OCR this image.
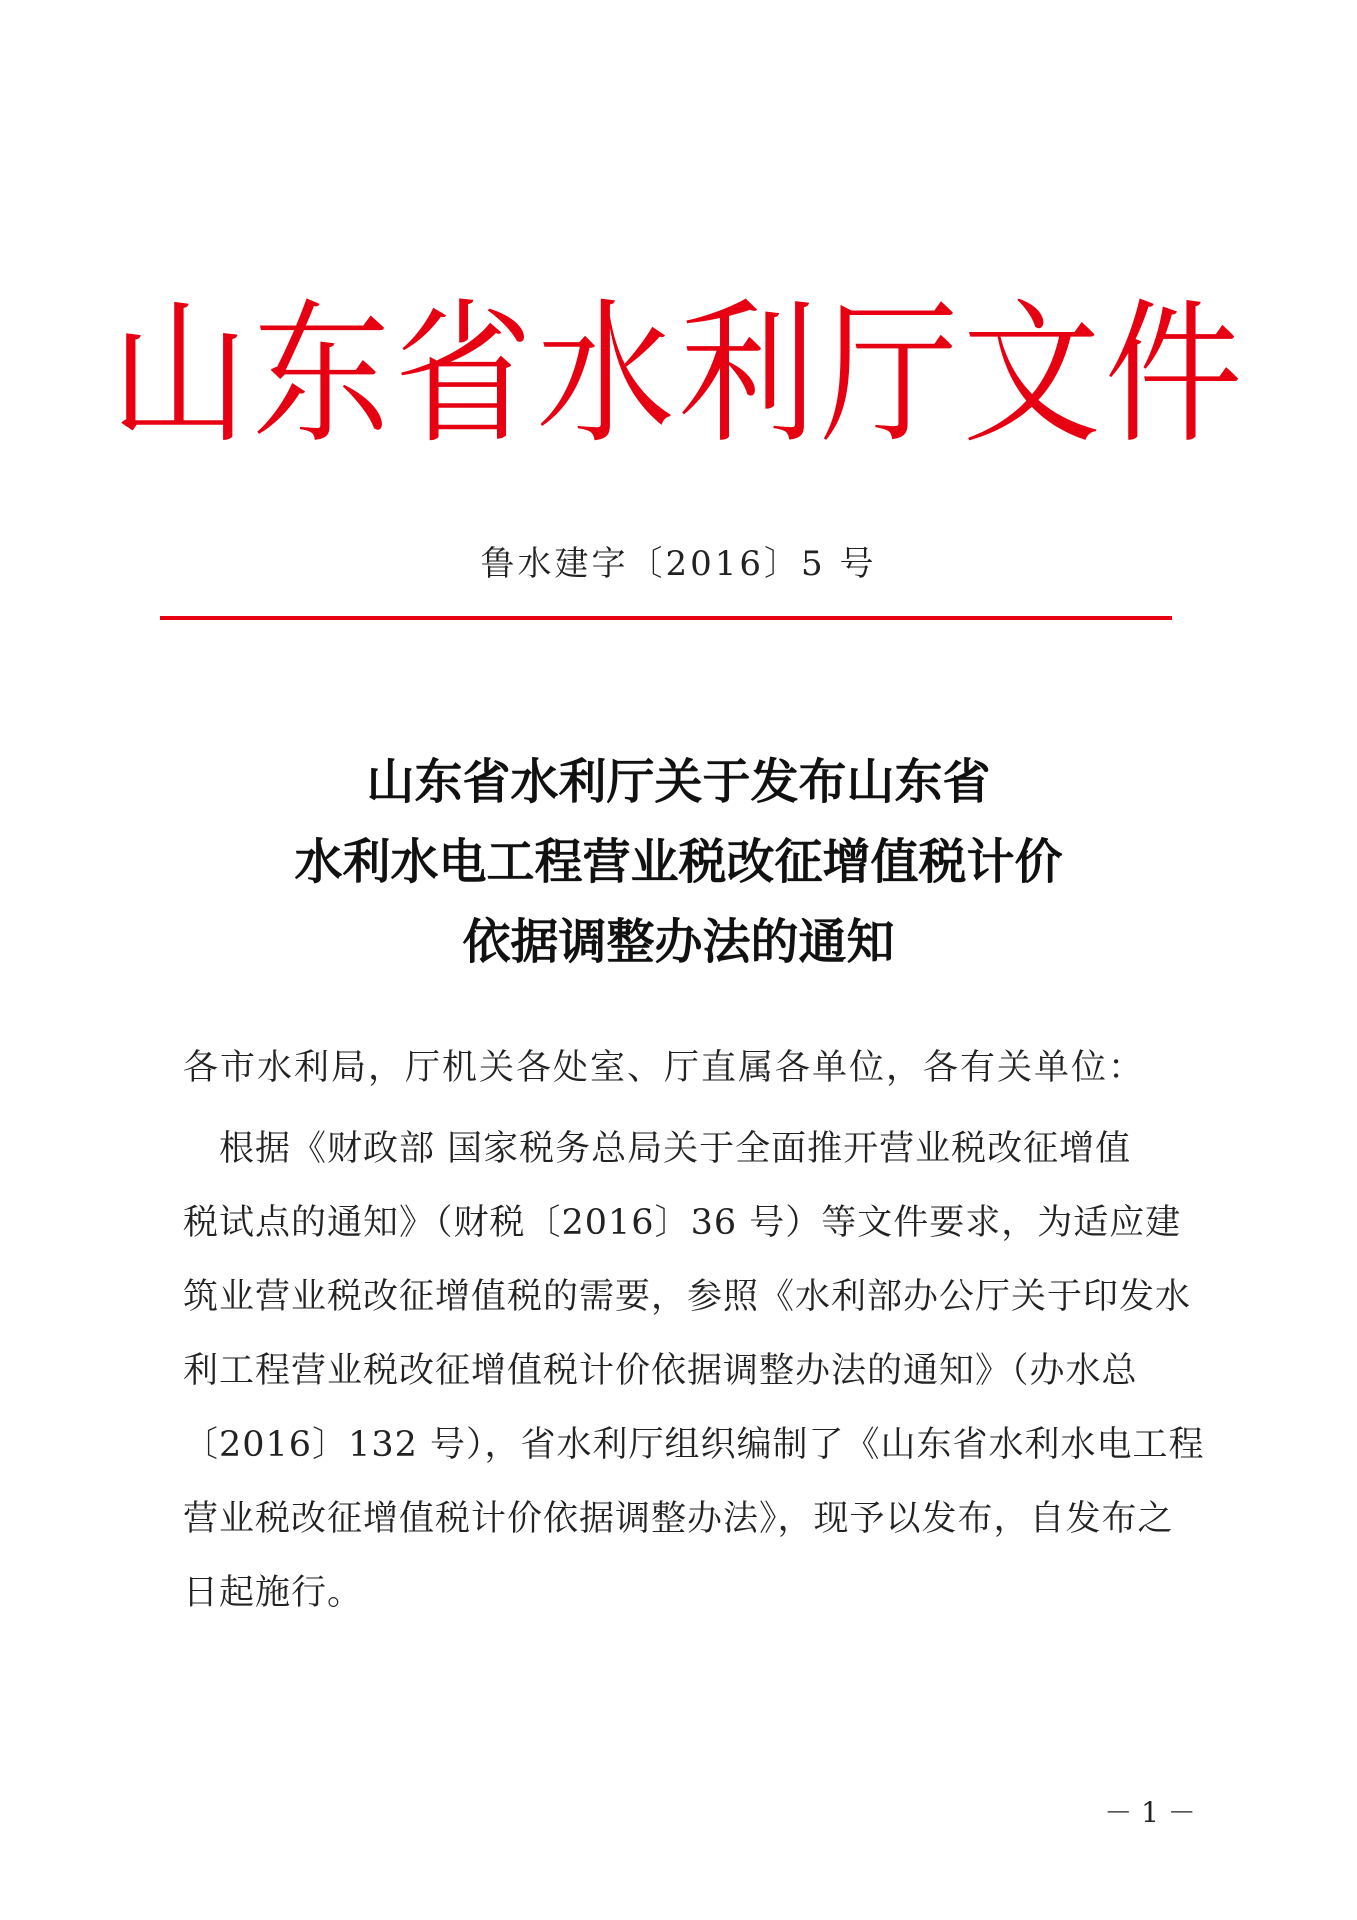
山东省水利厅文件
鲁水建字〔2016〕5 号
山东省水利厅关于发布山东省
水利水电工程营业税改征增值税计价
依据调整办法的通知
各市水利局，厅机关各处室、厅直属各单位，各有关单位：
　根据《财政部 国家税务总局关于全面推开营业税改征增值
税试点的通知》（财税〔2016〕36 号）等文件要求，为适应建
筑业营业税改征增值税的需要，参照《水利部办公厅关于印发水
利工程营业税改征增值税计价依据调整办法的通知》（办水总
〔2016〕132 号），省水利厅组织编制了《山东省水利水电工程
营业税改征增值税计价依据调整办法》，现予以发布，自发布之
日起施行。
－ 1 －
